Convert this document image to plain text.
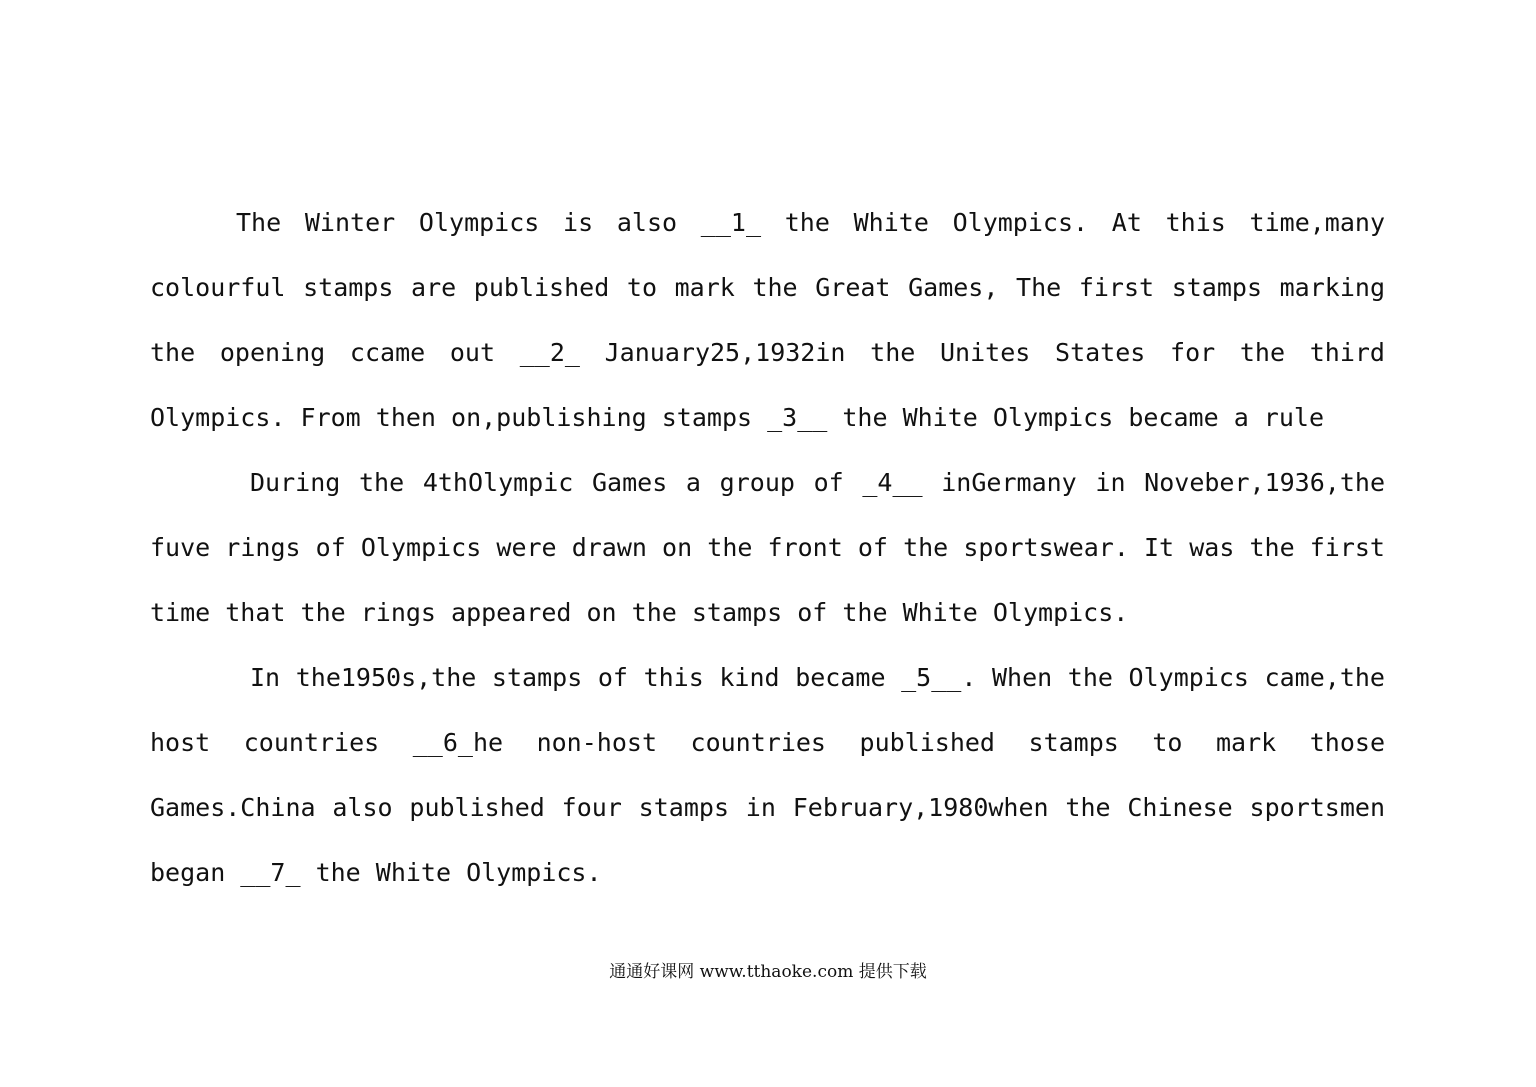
The Winter Olympics is also __1_ the White Olympics. At this time,many colourful stamps are published to mark the Great Games, The first stamps marking the opening ccame out __2_ January25,1932in the Unites States for the third Olympics. From then on,publishing stamps _3__ the White Olympics became a rule

During the 4thOlympic Games a group of _4__ inGermany in Noveber,1936,the fuve rings of Olympics were drawn on the front of the sportswear. It was the first time that the rings appeared on the stamps of the White Olympics.

In the1950s,the stamps of this kind became _5__. When the Olympics came,the host countries __6_he non-host countries published stamps to mark those Games.China also published four stamps in February,1980when the Chinese sportsmen began __7_ the White Olympics.

通通好课网 www.tthaoke.com 提供下载
